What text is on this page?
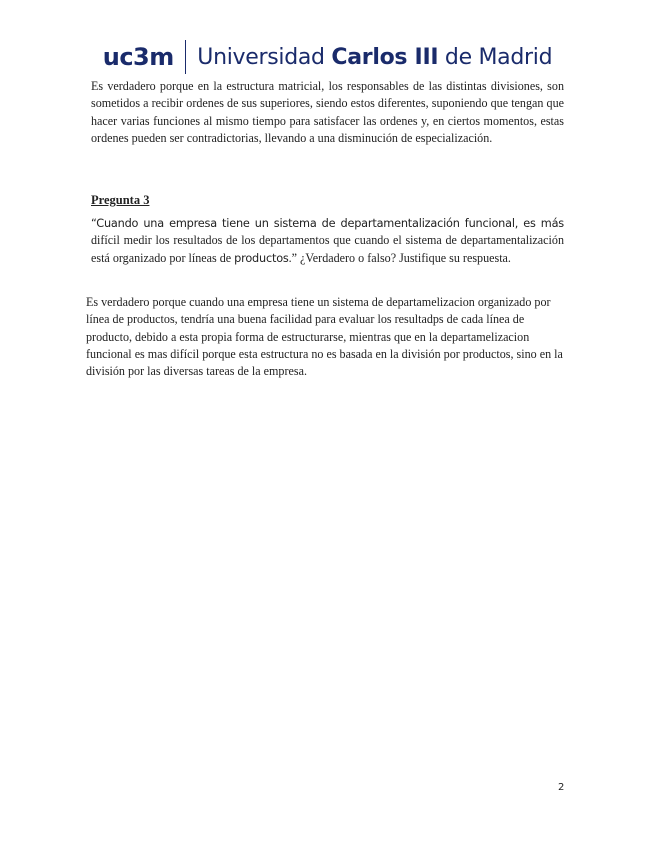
uc3m Universidad Carlos III de Madrid

Es verdadero porque en la estructura matricial, los responsables de las distintas divisiones, son sometidos a recibir ordenes de sus superiores, siendo estos diferentes, suponiendo que tengan que hacer varias funciones al mismo tiempo para satisfacer las ordenes y, en ciertos momentos, estas ordenes pueden ser contradictorias, llevando a una disminución de especialización.

Pregunta 3

“Cuando una empresa tiene un sistema de departamentalización funcional, es más difícil medir los resultados de los departamentos que cuando el sistema de departamentalización está organizado por líneas de productos.” ¿Verdadero o falso? Justifique su respuesta.

Es verdadero porque cuando una empresa tiene un sistema de departamelizacion organizado por línea de productos, tendría una buena facilidad para evaluar los resultadps de cada línea de producto, debido a esta propia forma de estructurarse, mientras que en la departamelizacion funcional es mas difícil porque esta estructura no es basada en la división por productos, sino en la división por las diversas tareas de la empresa.

2
